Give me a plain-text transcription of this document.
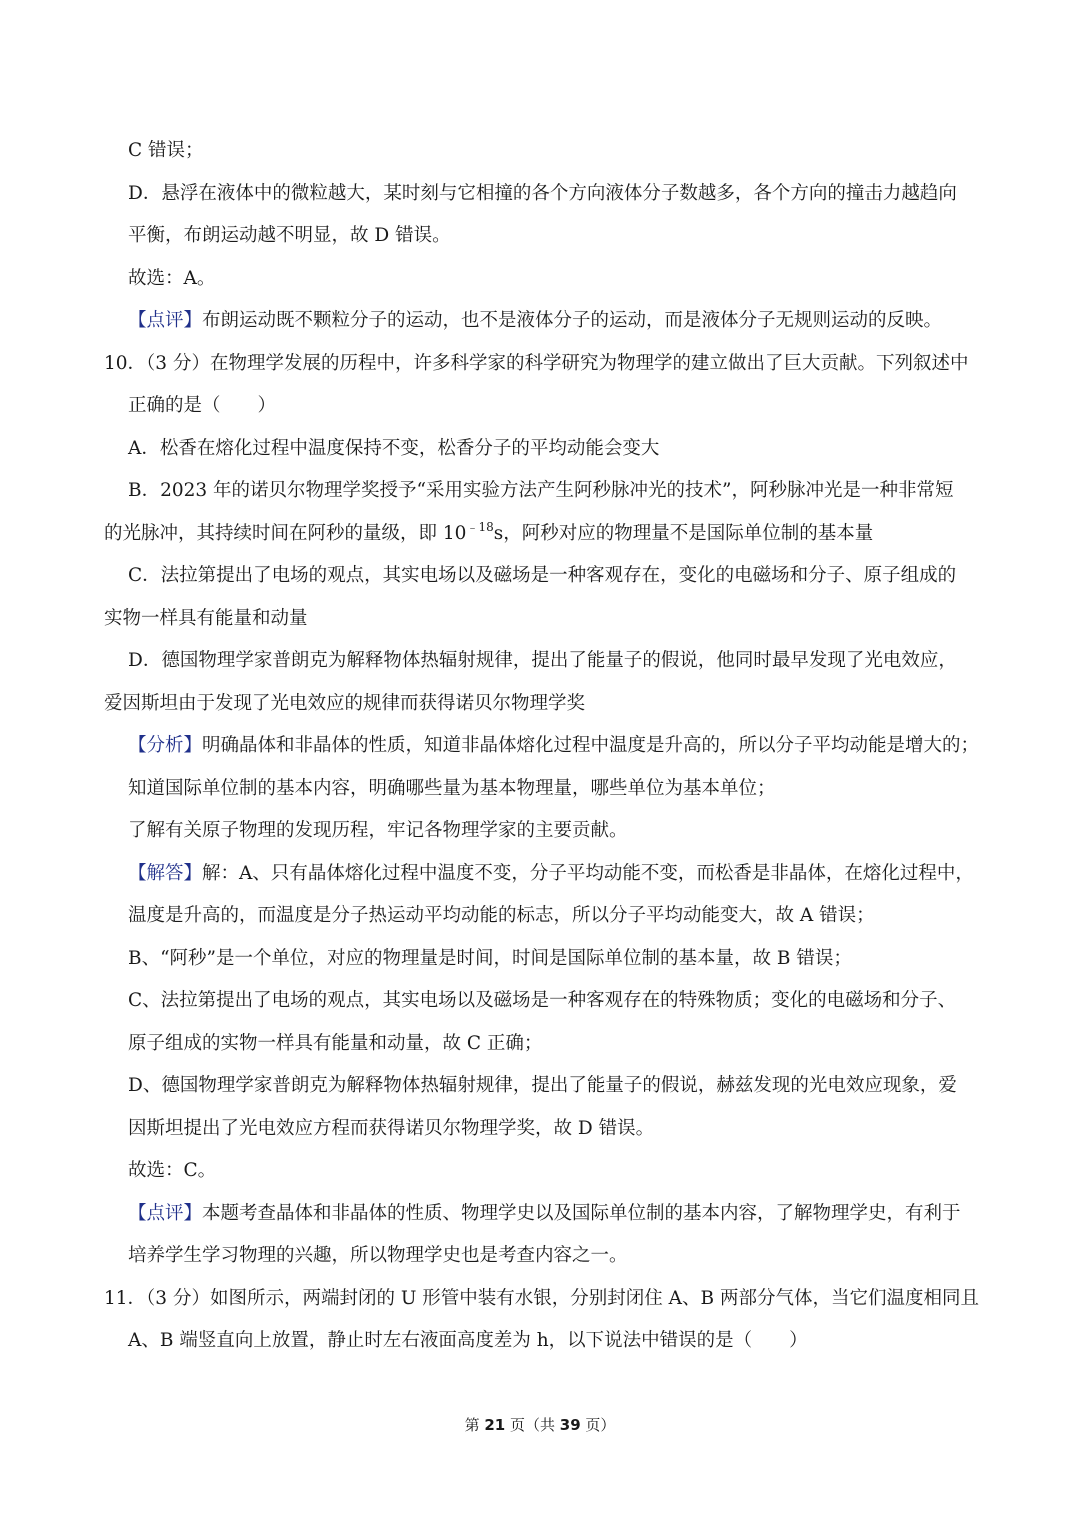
C 错误；
D．悬浮在液体中的微粒越大，某时刻与它相撞的各个方向液体分子数越多，各个方向的撞击力越趋向
平衡，布朗运动越不明显，故 D 错误。
故选：A。
【点评】布朗运动既不颗粒分子的运动，也不是液体分子的运动，而是液体分子无规则运动的反映。
10．（3 分）在物理学发展的历程中，许多科学家的科学研究为物理学的建立做出了巨大贡献。下列叙述中
正确的是（　　）
A．松香在熔化过程中温度保持不变，松香分子的平均动能会变大
B．2023 年的诺贝尔物理学奖授予“采用实验方法产生阿秒脉冲光的技术”，阿秒脉冲光是一种非常短
的光脉冲，其持续时间在阿秒的量级，即 $10^{﹣18}s$，阿秒对应的物理量不是国际单位制的基本量
C．法拉第提出了电场的观点，其实电场以及磁场是一种客观存在，变化的电磁场和分子、原子组成的
实物一样具有能量和动量
D．德国物理学家普朗克为解释物体热辐射规律，提出了能量子的假说，他同时最早发现了光电效应，
爱因斯坦由于发现了光电效应的规律而获得诺贝尔物理学奖
【分析】明确晶体和非晶体的性质，知道非晶体熔化过程中温度是升高的，所以分子平均动能是增大的；
知道国际单位制的基本内容，明确哪些量为基本物理量，哪些单位为基本单位；
了解有关原子物理的发现历程，牢记各物理学家的主要贡献。
【解答】解：A、只有晶体熔化过程中温度不变，分子平均动能不变，而松香是非晶体，在熔化过程中，
温度是升高的，而温度是分子热运动平均动能的标志，所以分子平均动能变大，故 A 错误；
B、“阿秒”是一个单位，对应的物理量是时间，时间是国际单位制的基本量，故 B 错误；
C、法拉第提出了电场的观点，其实电场以及磁场是一种客观存在的特殊物质；变化的电磁场和分子、
原子组成的实物一样具有能量和动量，故 C 正确；
D、德国物理学家普朗克为解释物体热辐射规律，提出了能量子的假说，赫兹发现的光电效应现象，爱
因斯坦提出了光电效应方程而获得诺贝尔物理学奖，故 D 错误。
故选：C。
【点评】本题考查晶体和非晶体的性质、物理学史以及国际单位制的基本内容，了解物理学史，有利于
培养学生学习物理的兴趣，所以物理学史也是考查内容之一。
11．（3 分）如图所示，两端封闭的 U 形管中装有水银，分别封闭住 A、B 两部分气体，当它们温度相同且
A、B 端竖直向上放置，静止时左右液面高度差为 h，以下说法中错误的是（　　）
第 21 页（共 39 页）
